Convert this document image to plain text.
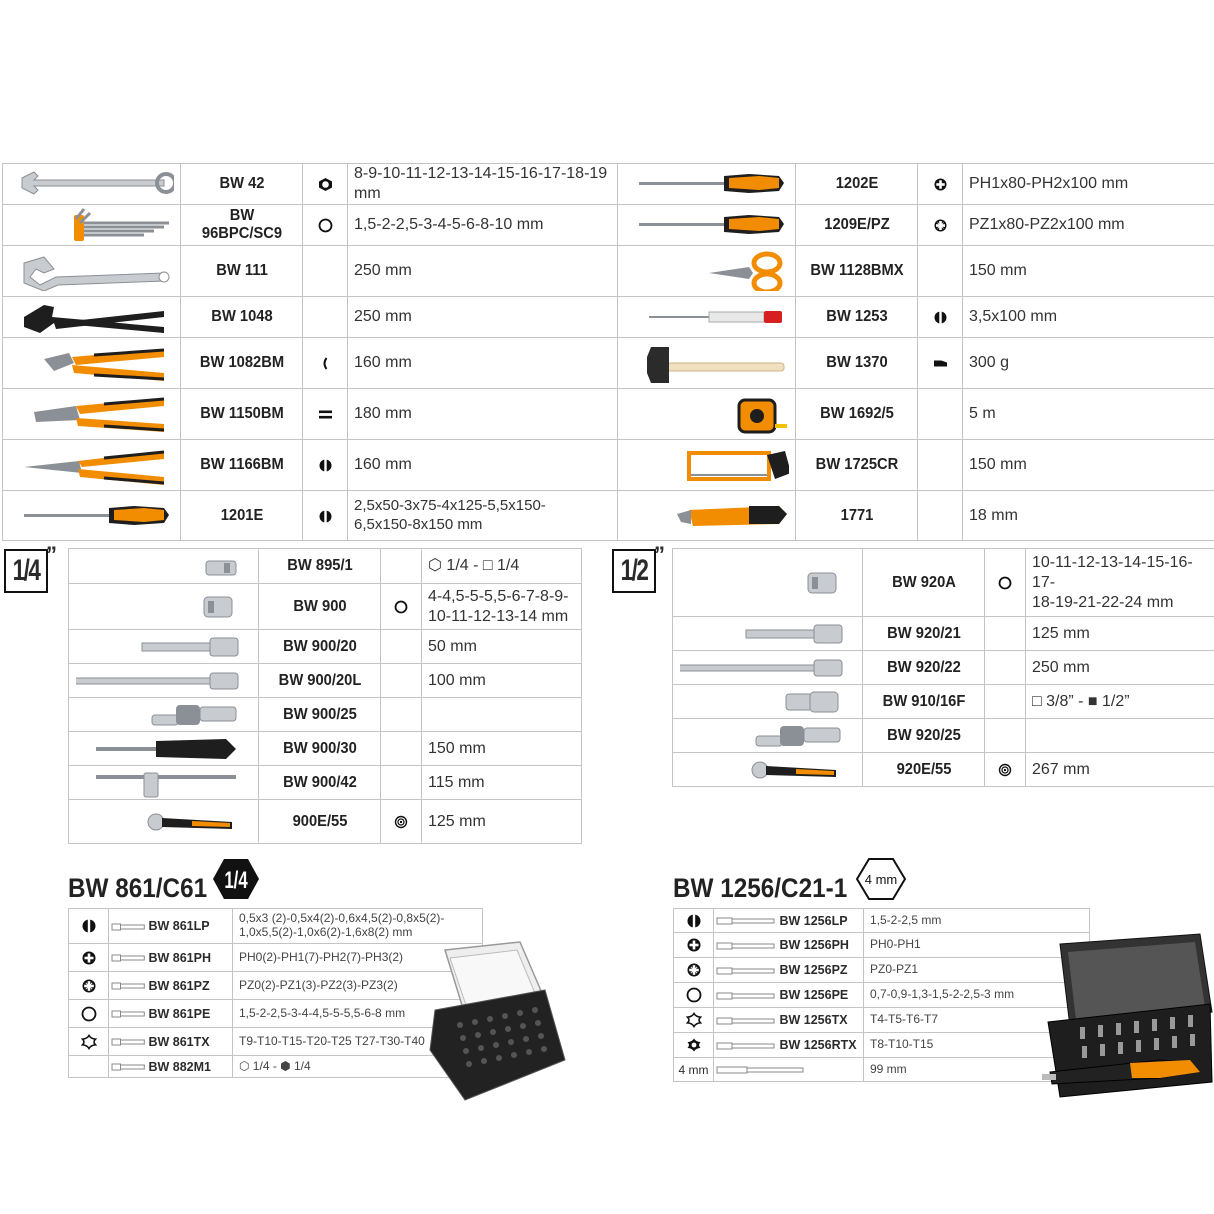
	BW 42		8-9-10-11-12-13-14-15-16-17-18-19 mm		1202E		PH1x80-PH2x100 mm
	BW 96BPC/SC9		1,5-2-2,5-3-4-5-6-8-10 mm		1209E/PZ		PZ1x80-PZ2x100 mm
	BW 111		250 mm		BW 1128BMX		150 mm
	BW 1048		250 mm		BW 1253		3,5x100 mm
	BW 1082BM		160 mm		BW 1370		300 g
	BW 1150BM		180 mm		BW 1692/5		5 m
	BW 1166BM		160 mm		BW 1725CR		150 mm
	1201E		2,5x50-3x75-4x125-5,5x150-
6,5x150-8x150 mm		1771		18 mm
1/4 ”
		BW 895/1		⬡ 1/4 - □ 1/4
	BW 900		4-4,5-5-5,5-6-7-8-9-
10-11-12-13-14 mm
	BW 900/20		50 mm
	BW 900/20L		100 mm
	BW 900/25		
	BW 900/30		150 mm
	BW 900/42		115 mm
	900E/55		125 mm
1/2 ”
	BW 920A		10-11-12-13-14-15-16-17-
18-19-21-22-24 mm
	BW 920/21		125 mm
	BW 920/22		250 mm
	BW 910/16F		□ 3/8” - ■ 1/2”
	BW 920/25		
	920E/55		267 mm
BW 861/C61 1/4
	BW 861LP	0,5x3 (2)-0,5x4(2)-0,6x4,5(2)-0,8x5(2)-
1,0x5,5(2)-1,0x6(2)-1,6x8(2) mm
	BW 861PH	PH0(2)-PH1(7)-PH2(7)-PH3(2)
	BW 861PZ	PZ0(2)-PZ1(3)-PZ2(3)-PZ3(2)
	BW 861PE	1,5-2-2,5-3-4-4,5-5-5,5-6-8 mm
	BW 861TX	T9-T10-T15-T20-T25 T27-T30-T40
	BW 882M1	⬡ 1/4 - ⬢ 1/4
BW 1256/C21-1	4 mm
	BW 1256LP	1,5-2-2,5 mm
	BW 1256PH	PH0-PH1
	BW 1256PZ	PZ0-PZ1
	BW 1256PE	0,7-0,9-1,3-1,5-2-2,5-3 mm
	BW 1256TX	T4-T5-T6-T7
	BW 1256RTX	T8-T10-T15
4 mm		99 mm
